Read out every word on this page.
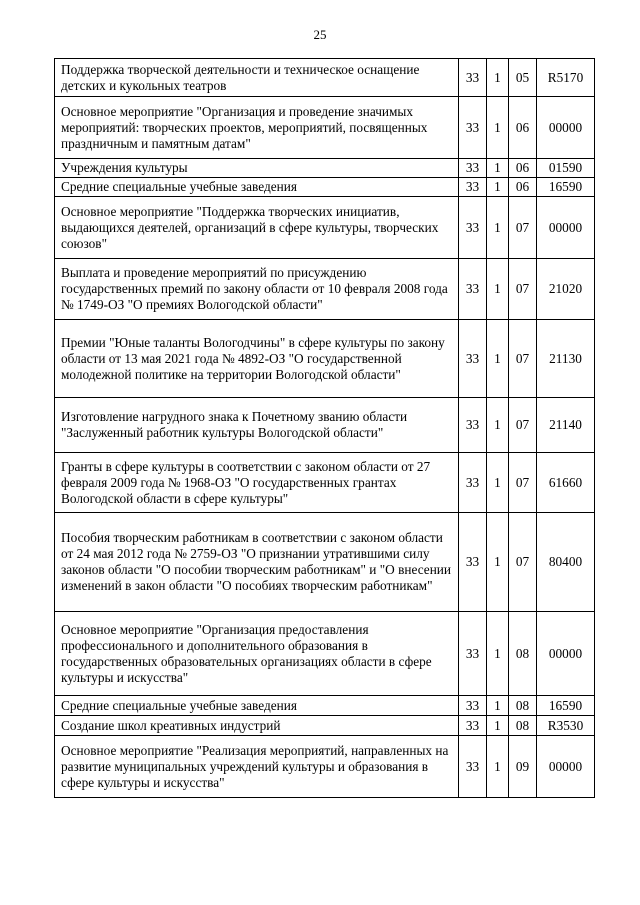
25
Поддержка творческой деятельности и техническое оснащение детских и кукольных театров	33	1	05	R5170
Основное мероприятие "Организация и проведение значимых мероприятий: творческих проектов, мероприятий, посвященных праздничным и памятным датам"	33	1	06	00000
Учреждения культуры	33	1	06	01590
Средние специальные учебные заведения	33	1	06	16590
Основное мероприятие "Поддержка творческих инициатив, выдающихся деятелей, организаций в сфере культуры, творческих союзов"	33	1	07	00000
Выплата и проведение мероприятий по присуждению государственных премий по закону области от 10 февраля 2008 года № 1749-ОЗ "О премиях Вологодской области"	33	1	07	21020
Премии "Юные таланты Вологодчины" в сфере культуры по закону области от 13 мая 2021 года № 4892-ОЗ "О государственной молодежной политике на территории Вологодской области"	33	1	07	21130
Изготовление нагрудного знака к Почетному званию области "Заслуженный работник культуры Вологодской области"	33	1	07	21140
Гранты в сфере культуры в соответствии с законом области от 27 февраля 2009 года № 1968-ОЗ "О государственных грантах Вологодской области в сфере культуры"	33	1	07	61660
Пособия творческим работникам в соответствии с законом области от 24 мая 2012 года № 2759-ОЗ "О признании утратившими силу законов области "О пособии творческим работникам" и "О внесении изменений в закон области "О пособиях творческим работникам"	33	1	07	80400
Основное мероприятие "Организация предоставления профессионального и дополнительного образования в государственных образовательных организациях области в сфере культуры и искусства"	33	1	08	00000
Средние специальные учебные заведения	33	1	08	16590
Создание школ креативных индустрий	33	1	08	R3530
Основное мероприятие "Реализация мероприятий, направленных на развитие муниципальных учреждений культуры и образования в сфере культуры и искусства"	33	1	09	00000
